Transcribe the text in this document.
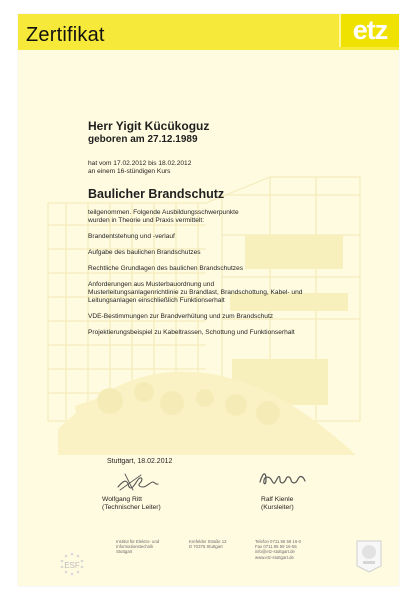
Zertifikat	etz
Herr Yigit Kücükoguz
geboren am 27.12.1989
hat vom 17.02.2012 bis 18.02.2012
an einem 16-stündigen Kurs
Baulicher Brandschutz
teilgenommen. Folgende Ausbildungsschwerpunkte
wurden in Theorie und Praxis vermittelt:
Brandentstehung und -verlauf
Aufgabe des baulichen Brandschutzes
Rechtliche Grundlagen des baulichen Brandschutzes
Anforderungen aus Musterbauordnung und
Musterleitungsanlagenrichtlinie zu Brandlast, Brandschottung, Kabel- und
Leitungsanlagen einschließlich Funktionserhalt
VDE-Bestimmungen zur Brandverhütung und zum Brandschutz
Projektierungsbeispiel zu Kabeltrassen, Schottung und Funktionserhalt
Stuttgart, 18.02.2012
Wolfgang Ritt
(Technischer Leiter)
Ralf Kienle
(Kursleiter)
ESF
Institut für Elektro- und
Informationstechnik
Stuttgart
Krefelder Straße 12
D 70376 Stuttgart
Telefon 0711.95 59 16-0
Fax 0711.95 59 16-55
info@etz-stuttgart.de
www.etz-stuttgart.de
